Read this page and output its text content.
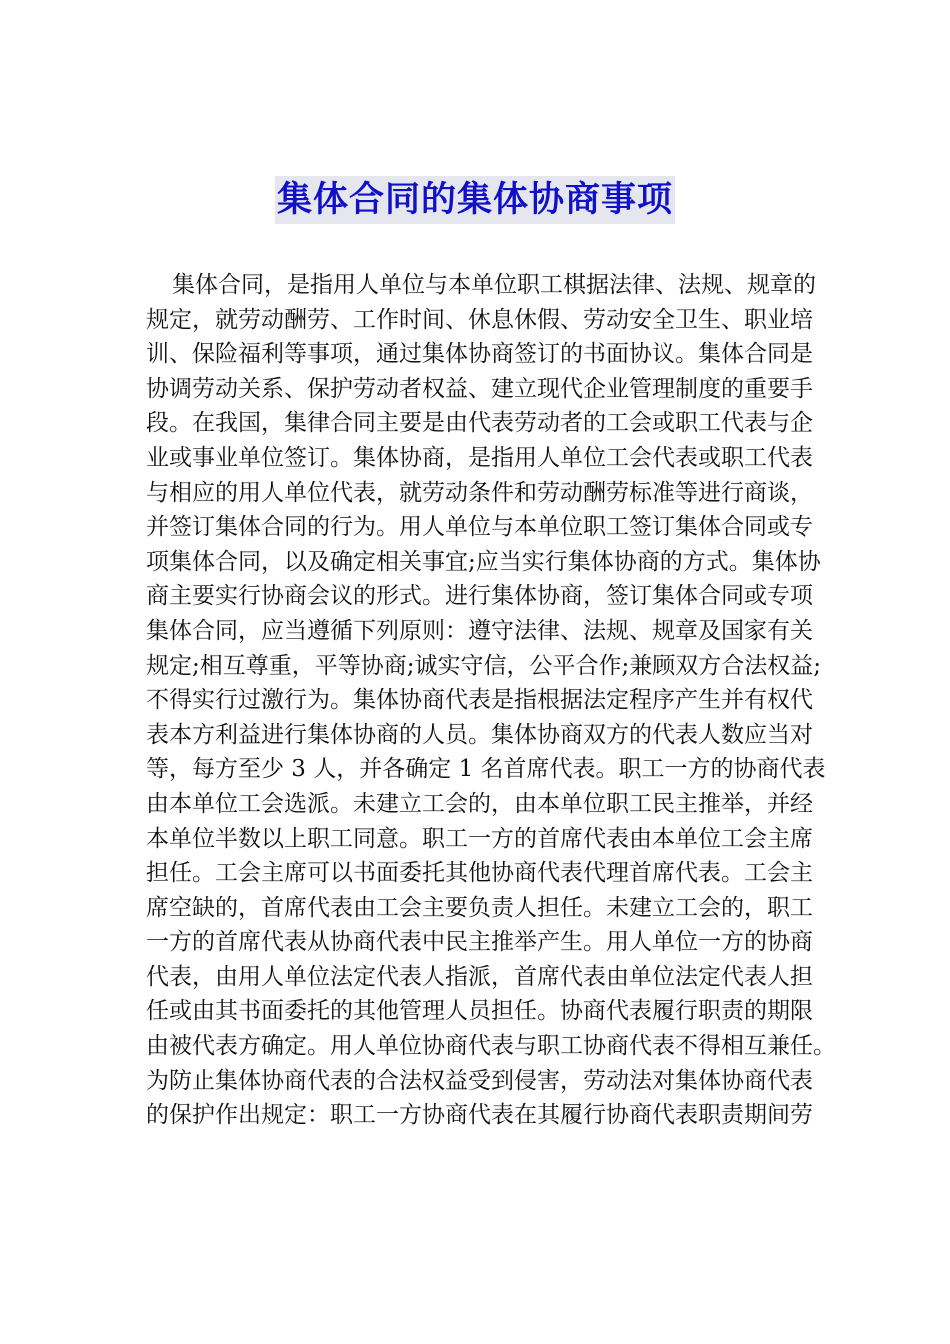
集体合同的集体协商事项
集体合同，是指用人单位与本单位职工棋据法律、法规、规章的
规定，就劳动酬劳、工作时间、休息休假、劳动安全卫生、职业培
训、保险福利等事项，通过集体协商签订的书面协议。集体合同是
协调劳动关系、保护劳动者权益、建立现代企业管理制度的重要手
段。在我国，集律合同主要是由代表劳动者的工会或职工代表与企
业或事业单位签订。集体协商，是指用人单位工会代表或职工代表
与相应的用人单位代表，就劳动条件和劳动酬劳标准等进行商谈，
并签订集体合同的行为。用人单位与本单位职工签订集体合同或专
项集体合同，以及确定相关事宜;应当实行集体协商的方式。集体协
商主要实行协商会议的形式。进行集体协商，签订集体合同或专项
集体合同，应当遵循下列原则：遵守法律、法规、规章及国家有关
规定;相互尊重，平等协商;诚实守信，公平合作;兼顾双方合法权益;
不得实行过激行为。集体协商代表是指根据法定程序产生并有权代
表本方利益进行集体协商的人员。集体协商双方的代表人数应当对
等，每方至少 3 人，并各确定 1 名首席代表。职工一方的协商代表
由本单位工会选派。未建立工会的，由本单位职工民主推举，并经
本单位半数以上职工同意。职工一方的首席代表由本单位工会主席
担任。工会主席可以书面委托其他协商代表代理首席代表。工会主
席空缺的，首席代表由工会主要负责人担任。未建立工会的，职工
一方的首席代表从协商代表中民主推举产生。用人单位一方的协商
代表，由用人单位法定代表人指派，首席代表由单位法定代表人担
任或由其书面委托的其他管理人员担任。协商代表履行职责的期限
由被代表方确定。用人单位协商代表与职工协商代表不得相互兼任。
为防止集体协商代表的合法权益受到侵害，劳动法对集体协商代表
的保护作出规定：职工一方协商代表在其履行协商代表职责期间劳
